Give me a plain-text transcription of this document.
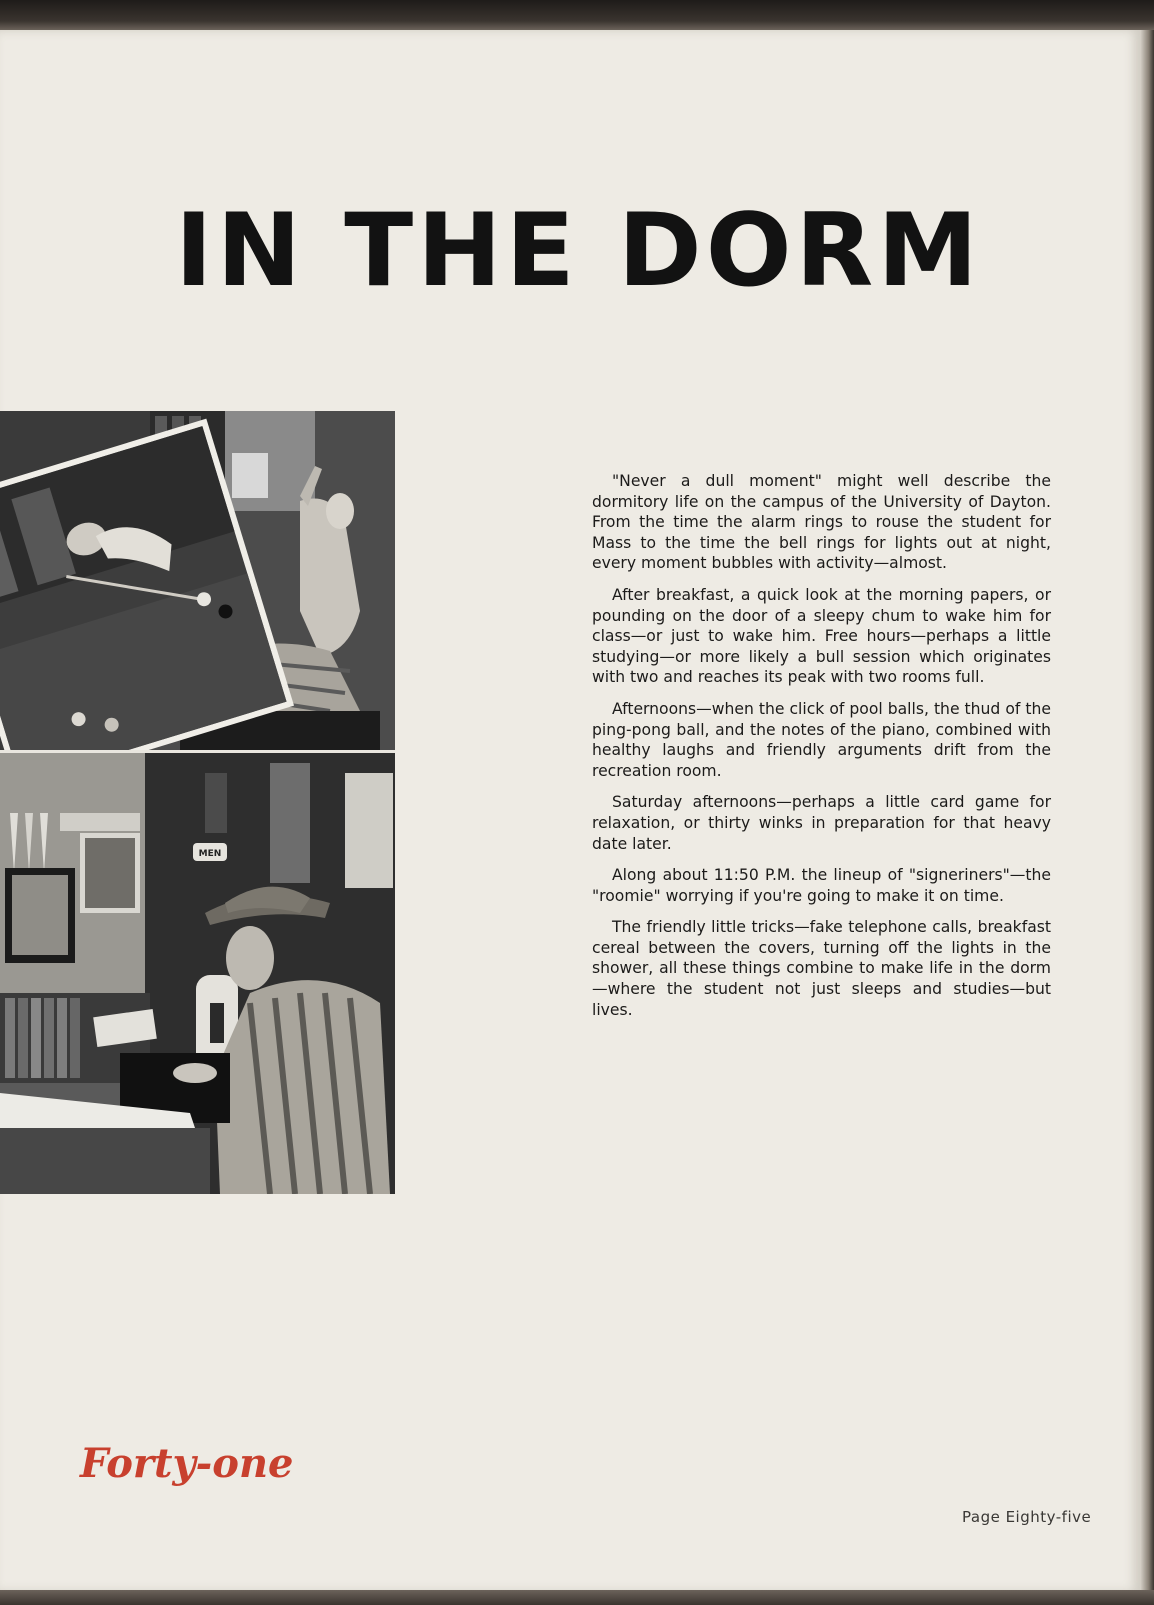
IN THE DORM
MEN

"Never a dull moment" might well describe the dormitory life on the campus of the University of Dayton. From the time the alarm rings to rouse the student for Mass to the time the bell rings for lights out at night, every moment bubbles with activity—almost.

After breakfast, a quick look at the morning papers, or pounding on the door of a sleepy chum to wake him for class—or just to wake him. Free hours—perhaps a little studying—or more likely a bull session which originates with two and reaches its peak with two rooms full.

Afternoons—when the click of pool balls, the thud of the ping-pong ball, and the notes of the piano, combined with healthy laughs and friendly arguments drift from the recreation room.

Saturday afternoons—perhaps a little card game for relaxation, or thirty winks in preparation for that heavy date later.

Along about 11:50 P.M. the lineup of "signeriners"—the "roomie" worrying if you're going to make it on time.

The friendly little tricks—fake telephone calls, breakfast cereal between the covers, turning off the lights in the shower, all these things combine to make life in the dorm—where the student not just sleeps and studies—but lives.

Forty-one
Page Eighty-five
